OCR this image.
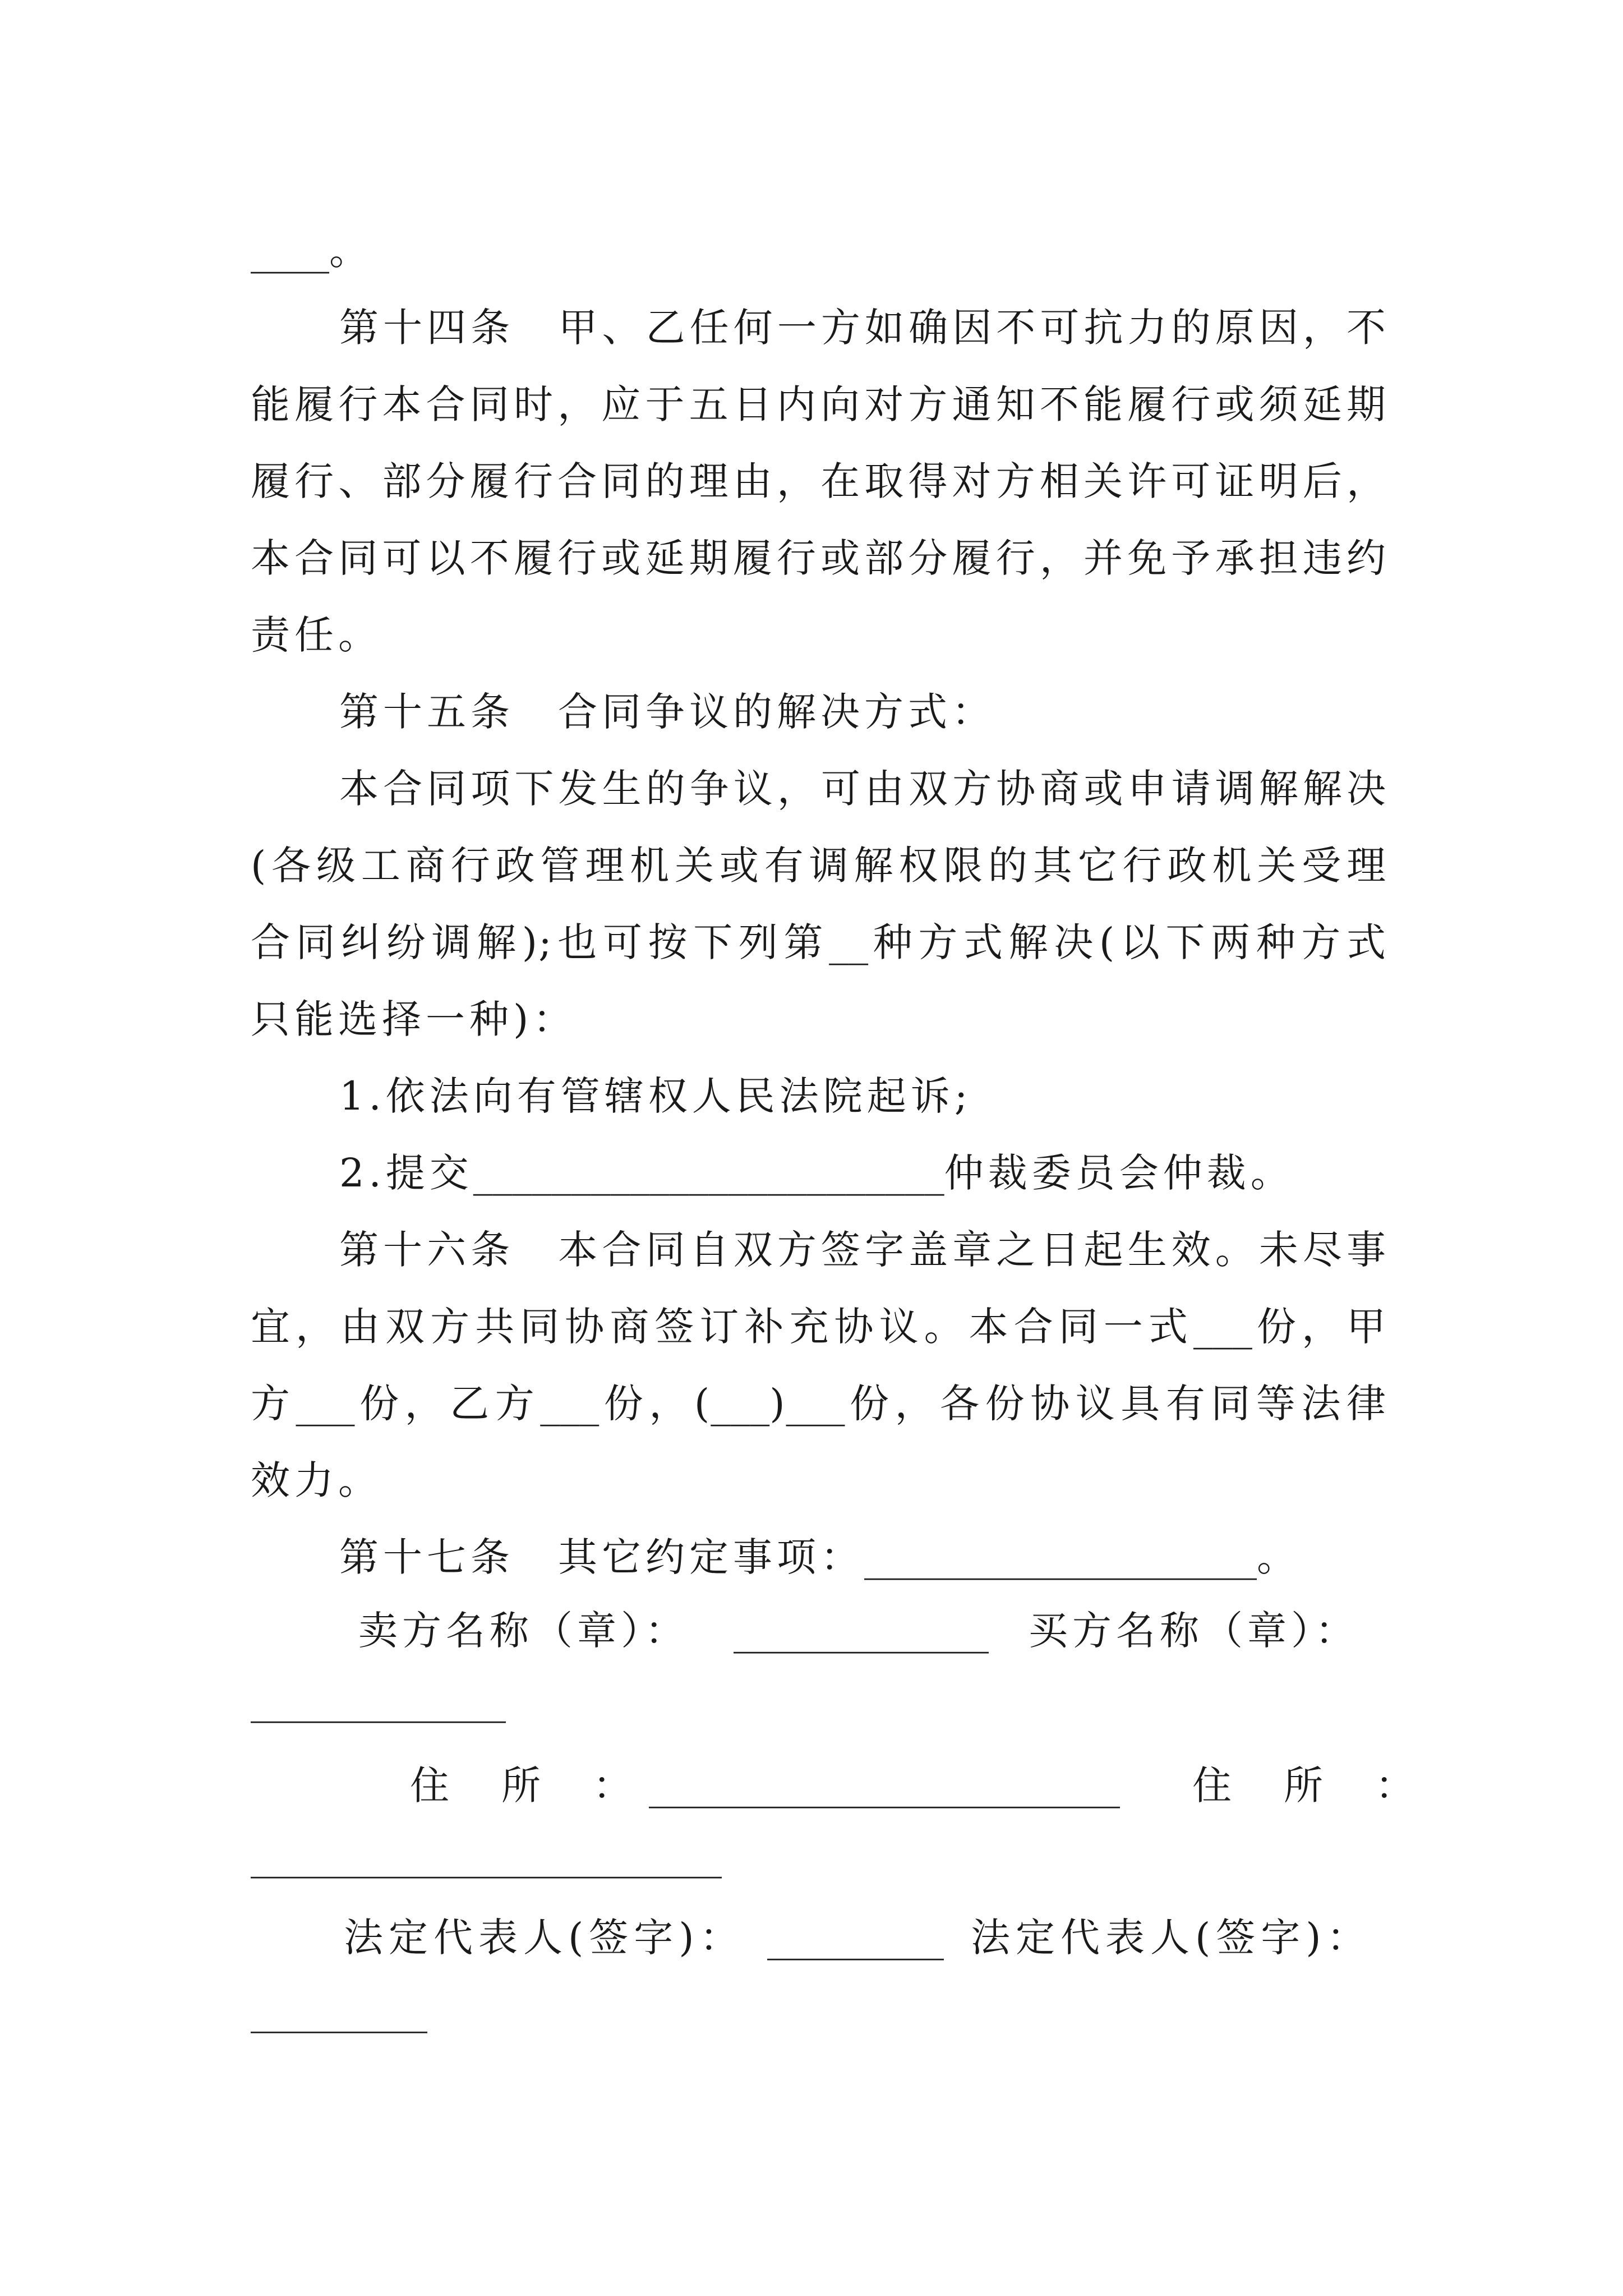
____。
第十四条　甲、乙任何一方如确因不可抗力的原因，不
能履行本合同时，应于五日内向对方通知不能履行或须延期
履行、部分履行合同的理由，在取得对方相关许可证明后，
本合同可以不履行或延期履行或部分履行，并免予承担违约
责任。
第十五条　合同争议的解决方式：
本合同项下发生的争议，可由双方协商或申请调解解决
(各级工商行政管理机关或有调解权限的其它行政机关受理
合同纠纷调解);也可按下列第__种方式解决(以下两种方式
只能选择一种)：
1.依法向有管辖权人民法院起诉;
2.提交________________________仲裁委员会仲裁。
第十六条　本合同自双方签字盖章之日起生效。未尽事
宜，由双方共同协商签订补充协议。本合同一式___份，甲
方___份，乙方___份，(___)___份，各份协议具有同等法律
效力。
第十七条　其它约定事项：____________________。
卖方名称（章）： _____________ 买方名称（章）：
_____________
住所：
________________________ 住所：
________________________
法定代表人(签字)： _________ 法定代表人(签字)：
_________
